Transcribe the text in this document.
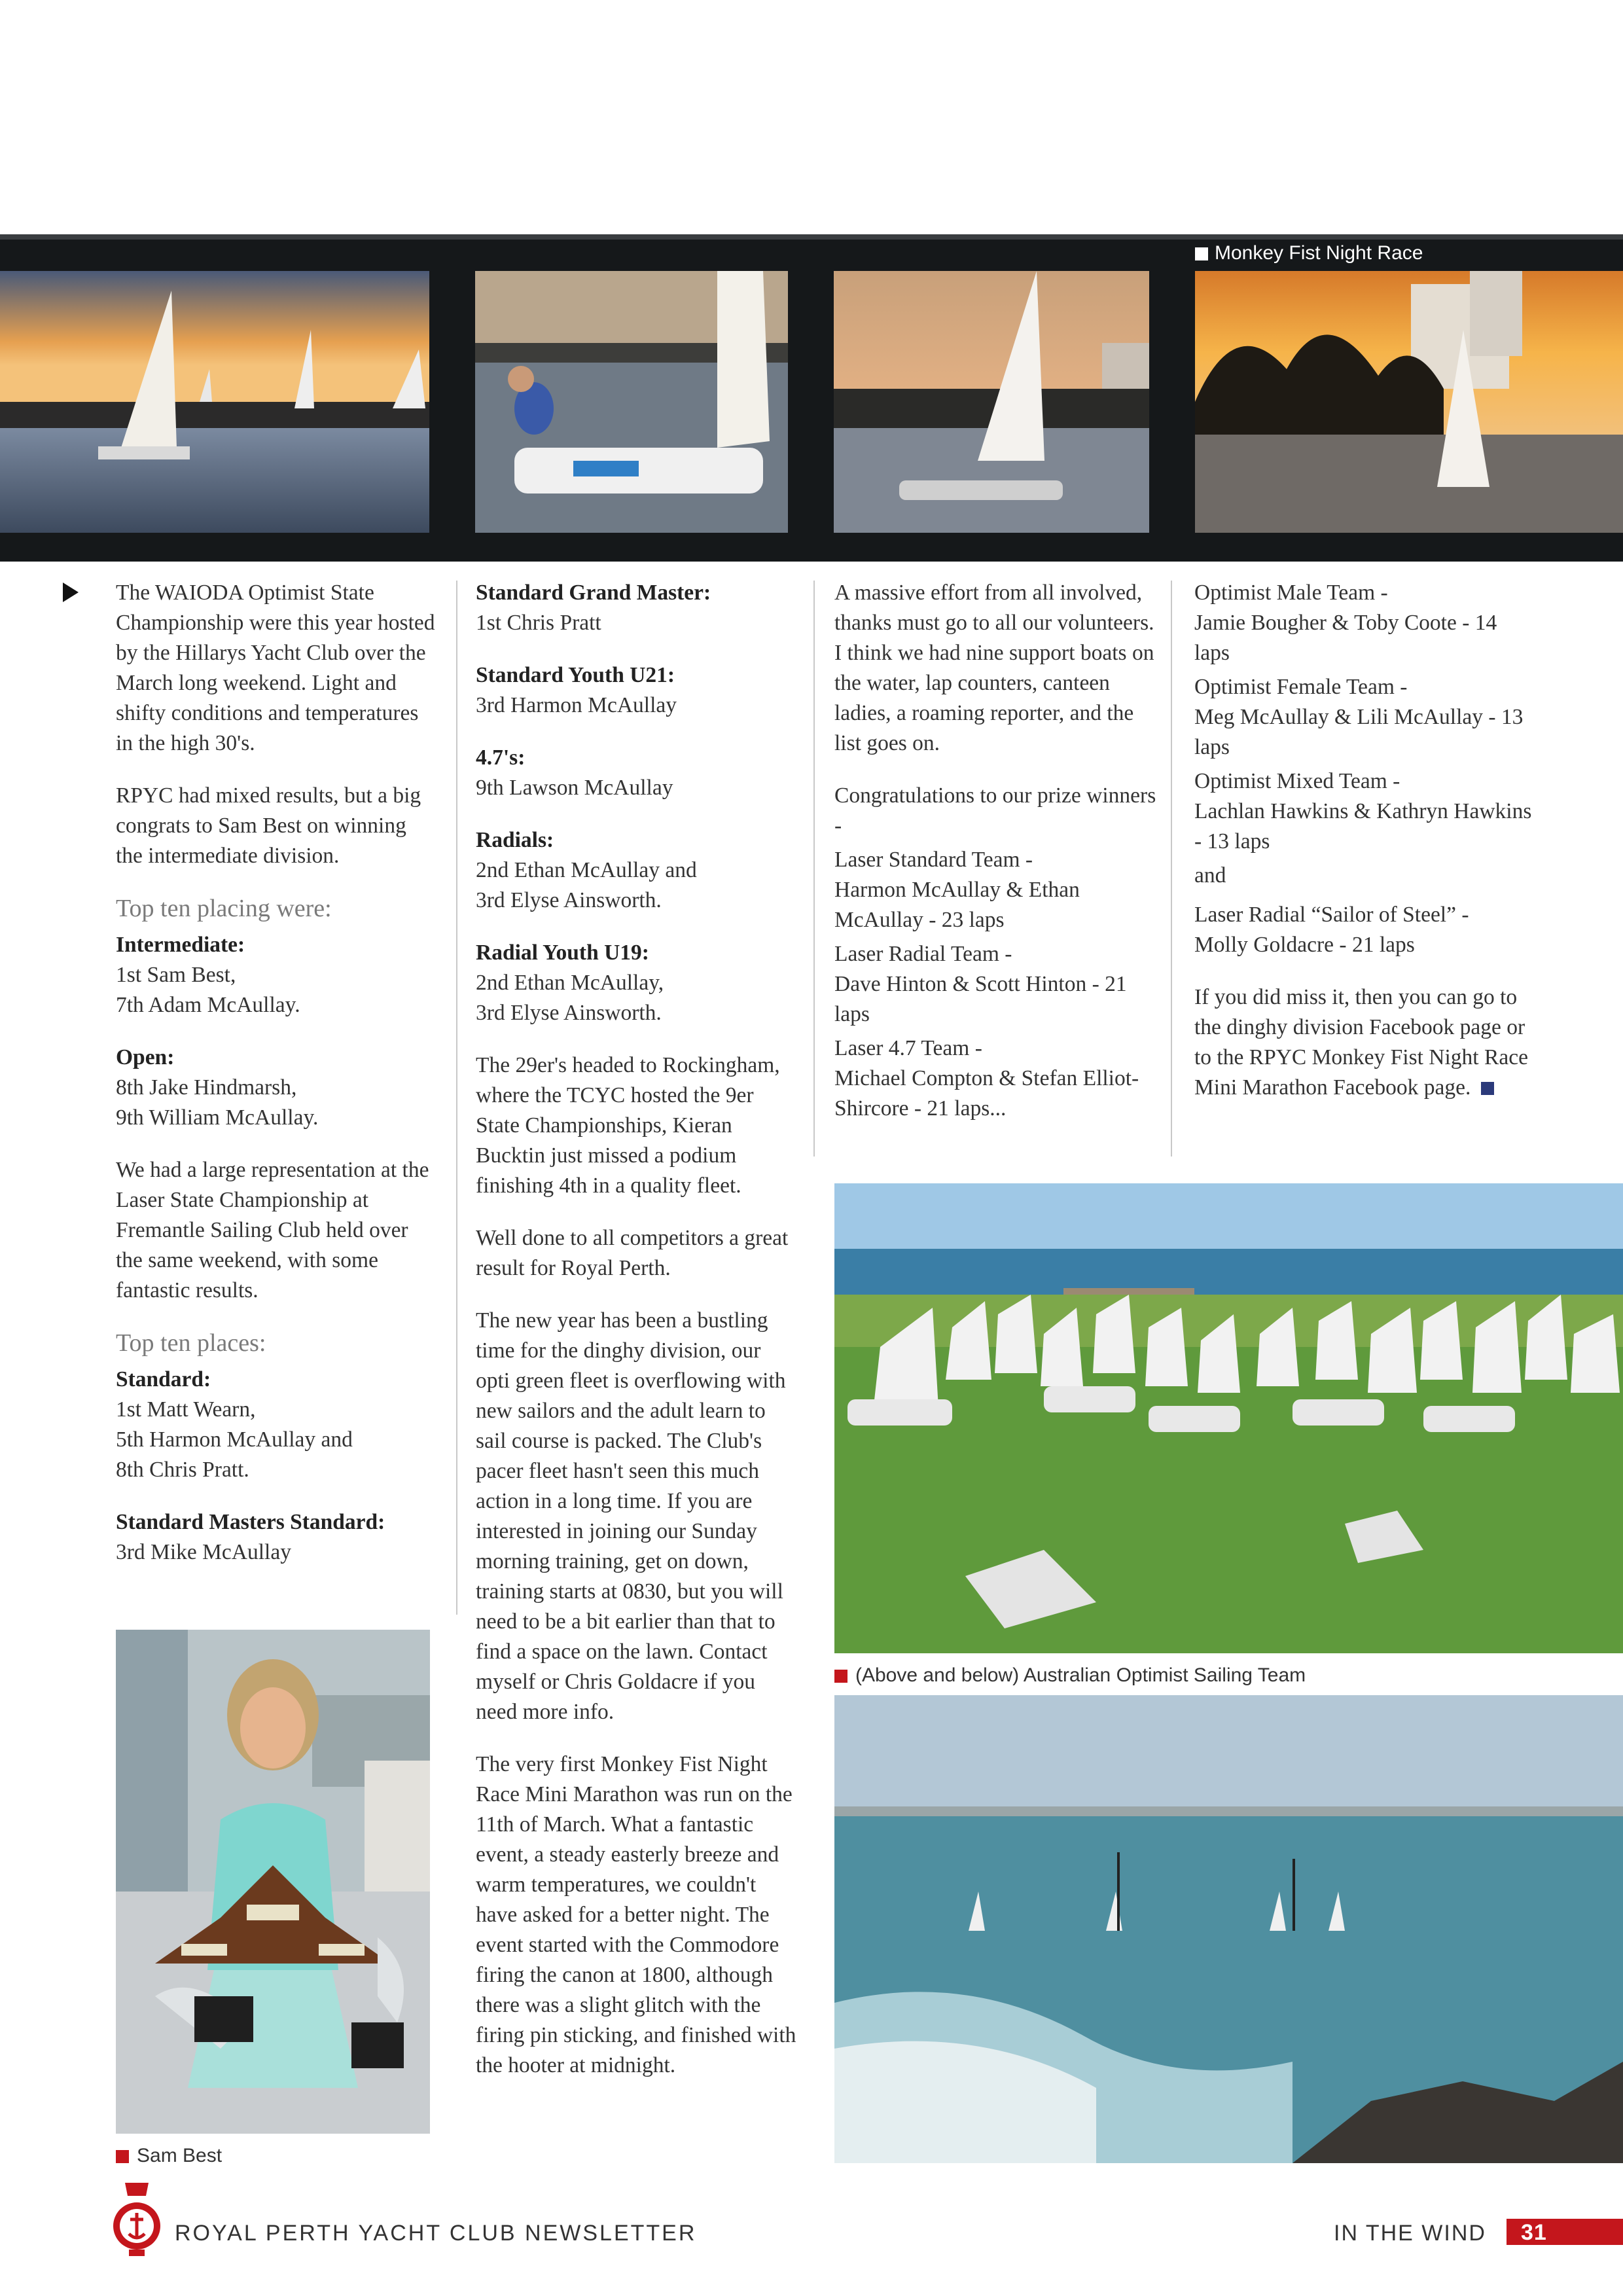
Monkey Fist Night Race

The WAIODA Optimist State Championship were this year hosted by the Hillarys Yacht Club over the March long weekend. Light and shifty conditions and temperatures in the high 30's.

RPYC had mixed results, but a big congrats to Sam Best on winning the intermediate division.

Top ten placing were:
Intermediate:
1st Sam Best,

7th Adam McAullay.

Open:
8th Jake Hindmarsh,

9th William McAullay.

We had a large representation at the Laser State Championship at Fremantle Sailing Club held over the same weekend, with some fantastic results.

Top ten places:
Standard:
1st Matt Wearn,
5th Harmon McAullay and

8th Chris Pratt.

Standard Masters Standard:
3rd Mike McAullay
Sam Best
Standard Grand Master:

1st Chris Pratt

Standard Youth U21:

3rd Harmon McAullay

4.7's:

9th Lawson McAullay

Radials:
2nd Ethan McAullay and

3rd Elyse Ainsworth.

Radial Youth U19:
2nd Ethan McAullay,

3rd Elyse Ainsworth.

The 29er's headed to Rockingham, where the TCYC hosted the 9er State Championships, Kieran Bucktin just missed a podium finishing 4th in a quality fleet.

Well done to all competitors a great result for Royal Perth.

The new year has been a bustling time for the dinghy division, our opti green fleet is overflowing with new sailors and the adult learn to sail course is packed. The Club's pacer fleet hasn't seen this much action in a long time. If you are interested in joining our Sunday morning training, get on down, training starts at 0830, but you will need to be a bit earlier than that to find a space on the lawn. Contact myself or Chris Goldacre if you need more info.

The very first Monkey Fist Night Race Mini Marathon was run on the 11th of March. What a fantastic event, a steady easterly breeze and warm temperatures, we couldn't have asked for a better night. The event started with the Commodore firing the canon at 1800, although there was a slight glitch with the firing pin sticking, and finished with the hooter at midnight.

A massive effort from all involved, thanks must go to all our volunteers. I think we had nine support boats on the water, lap counters, canteen ladies, a roaming reporter, and the list goes on.

Congratulations to our prize winners -

Laser Standard Team -

Harmon McAullay & Ethan McAullay - 23 laps

Laser Radial Team -

Dave Hinton & Scott Hinton - 21 laps

Laser 4.7 Team -

Michael Compton & Stefan Elliot-Shircore - 21 laps...

Optimist Male Team -

Jamie Bougher & Toby Coote - 14 laps

Optimist Female Team -

Meg McAullay & Lili McAullay - 13 laps

Optimist Mixed Team -

Lachlan Hawkins & Kathryn Hawkins - 13 laps

and

Laser Radial “Sailor of Steel” -

Molly Goldacre - 21 laps

If you did miss it, then you can go to the dinghy division Facebook page or to the RPYC Monkey Fist Night Race Mini Marathon Facebook page.

(Above and below) Australian Optimist Sailing Team
ROYAL PERTH YACHT CLUB NEWSLETTER	IN THE WIND 31
